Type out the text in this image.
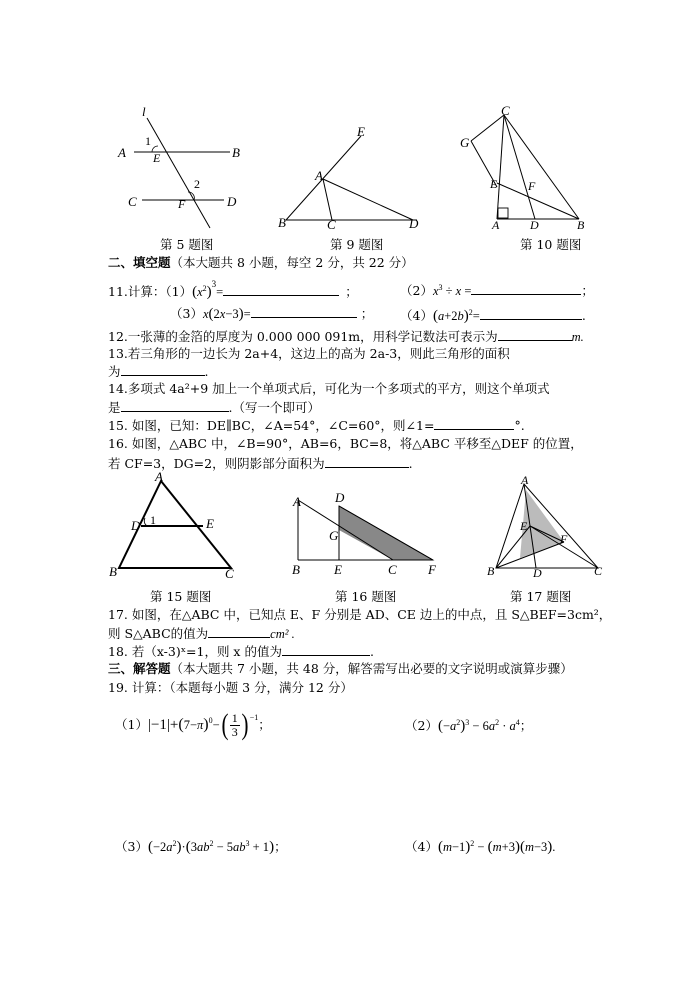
l
A	B
1
E
C	D
F
2
E
A
B	C	D
C
G
E	F
A	D	B
第 5 题图	第 9 题图	第 10 题图
二、填空题（本大题共 8 小题，每空 2 分，共 22 分）
11.计算：$(1)(x^2)^3=$	；	$(2)x^3 \div x$ =	；
（3）x(2x−3)=	； $(4)(a+2b)^2=$	.
12.一张薄的金箔的厚度为 0.000 000 091m，用科学记数法可表示为	m.
13.若三角形的一边长为 2a+4，这边上的高为 2a-3，则此三角形的面积
为	.
14.多项式 4a²+9 加上一个单项式后，可化为一个多项式的平方，则这个单项式
是	.（写一个即可）
15. 如图，已知：DE∥BC，∠A=54°，∠C=60°，则∠1=	°.
16. 如图，△ABC 中，∠B=90°，AB=6，BC=8，将△ABC 平移至△DEF 的位置，
若 CF=3，DG=2，则阴影部分面积为	.
A
D 1	E
B	C
A	D
G
B	E	C F
A
E
F
B	D	C
第 15 题图	第 16 题图	第 17 题图
17. 如图，在△ABC 中，已知点 E、F 分别是 AD、CE 边上的中点，且 S△BEF=3cm²，
则 S△ABC的值为	cm² .
18. 若（x-3)ˣ=1，则 x 的值为	.
三、解答题（本大题共 7 小题，共 48 分，解答需写出必要的文字说明或演算步骤）
19. 计算：（本题每小题 3 分，满分 12 分）
（1） |−1|+ ( 7− π )$^0$ − ( 1
3 )$^{-1}$
；	$(2)(-a^2)^3 - 6a^2 \cdot a^4$；
$(3)(-2a^2)\cdot(3ab^2 - 5ab^3 + 1)$；	$(4)(m-1)^2 - (m+3)(m-3)$.
